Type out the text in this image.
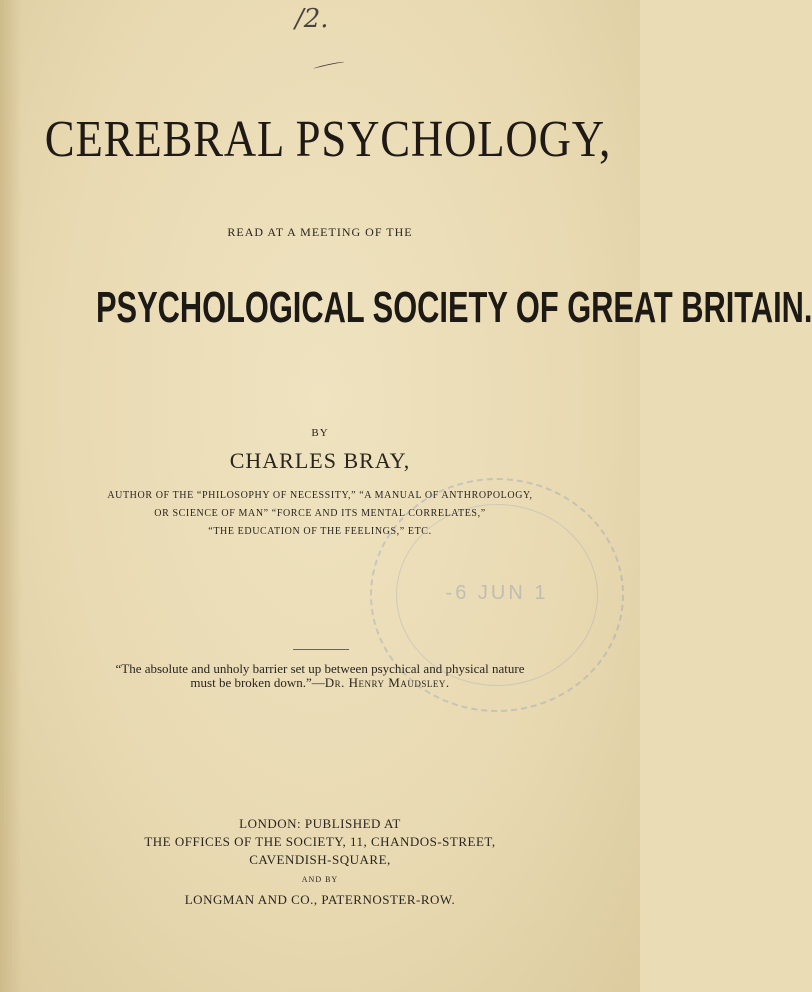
/2.
CEREBRAL PSYCHOLOGY,
READ AT A MEETING OF THE
PSYCHOLOGICAL SOCIETY OF GREAT BRITAIN.
BY
CHARLES BRAY,
AUTHOR OF THE “PHILOSOPHY OF NECESSITY,” “A MANUAL OF ANTHROPOLOGY,
OR SCIENCE OF MAN” “FORCE AND ITS MENTAL CORRELATES,”
“THE EDUCATION OF THE FEELINGS,” ETC.
-6 JUN 1
“The absolute and unholy barrier set up between psychical and physical nature
must be broken down.”—Dr. Henry Maudsley.
LONDON: PUBLISHED AT
THE OFFICES OF THE SOCIETY, 11, CHANDOS-STREET,
CAVENDISH-SQUARE,
AND BY
LONGMAN AND CO., PATERNOSTER-ROW.
